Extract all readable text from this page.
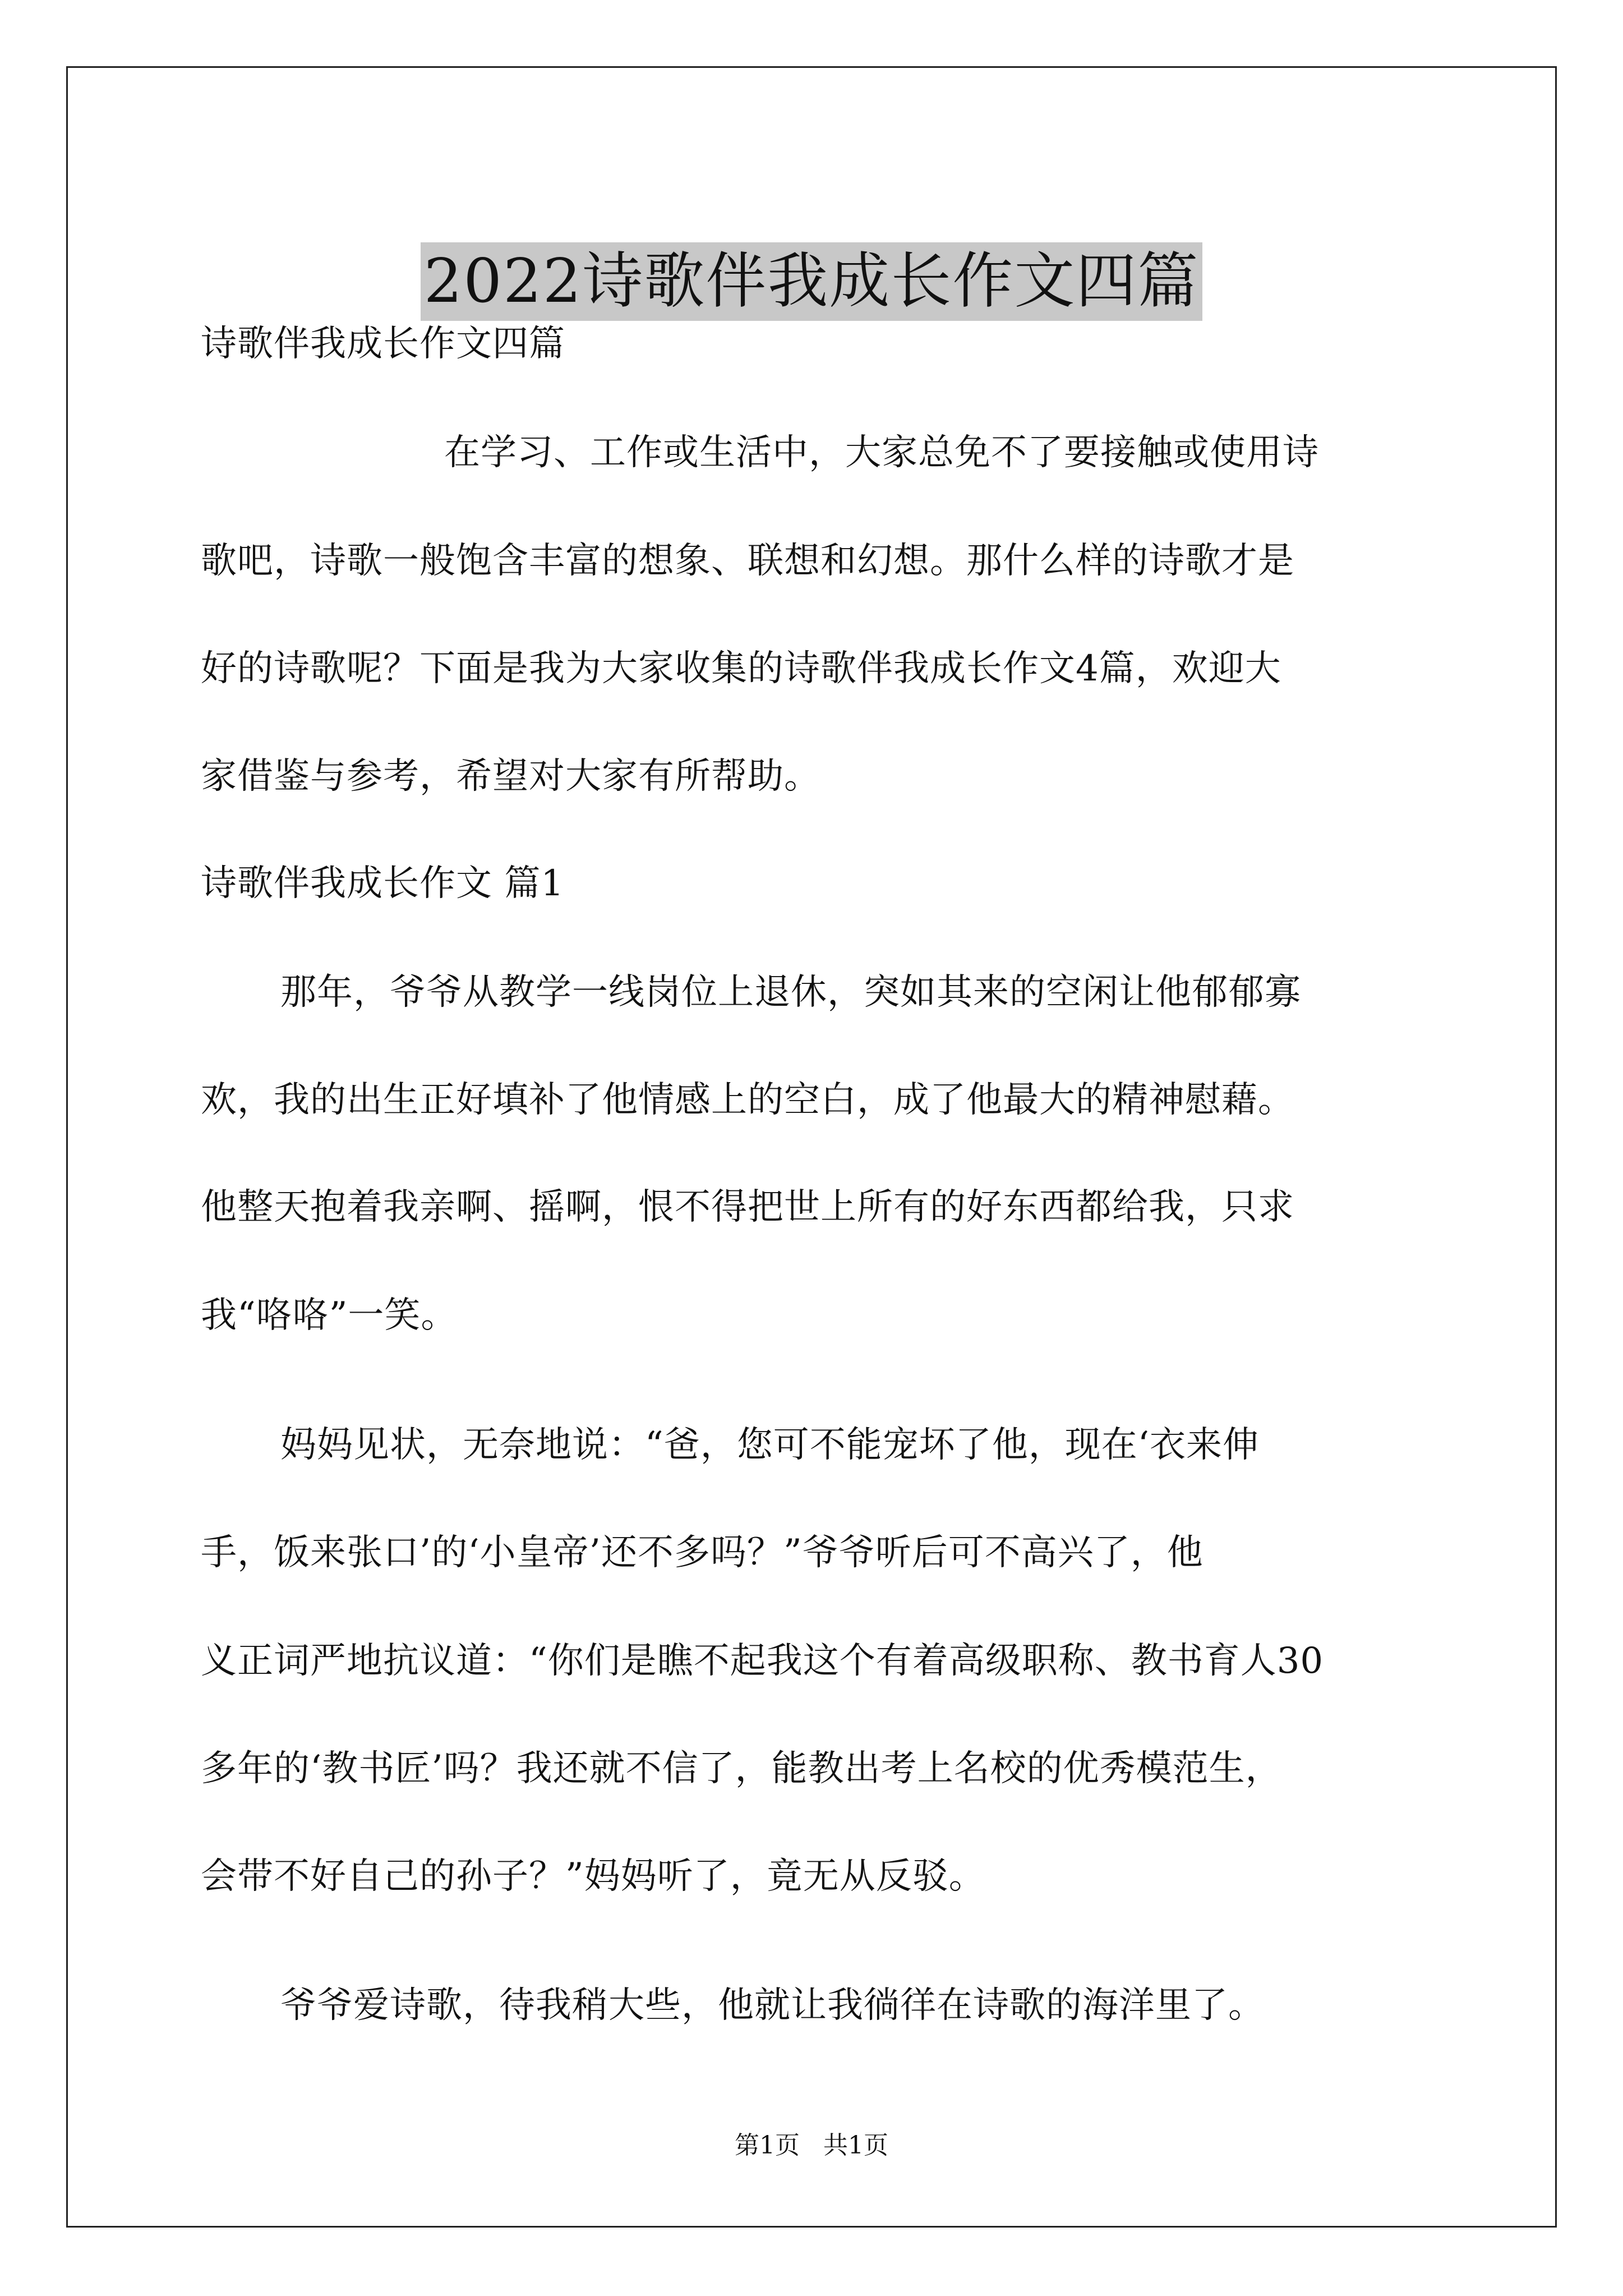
2022诗歌伴我成长作文四篇
诗歌伴我成长作文四篇
在学习、工作或生活中，大家总免不了要接触或使用诗
歌吧，诗歌一般饱含丰富的想象、联想和幻想。那什么样的诗歌才是
好的诗歌呢？下面是我为大家收集的诗歌伴我成长作文4篇，欢迎大
家借鉴与参考，希望对大家有所帮助。
诗歌伴我成长作文 篇1
那年，爷爷从教学一线岗位上退休，突如其来的空闲让他郁郁寡
欢，我的出生正好填补了他情感上的空白，成了他最大的精神慰藉。
他整天抱着我亲啊、摇啊，恨不得把世上所有的好东西都给我，只求
我“咯咯”一笑。
妈妈见状，无奈地说：“爸，您可不能宠坏了他，现在‘衣来伸
手，饭来张口’的‘小皇帝’还不多吗？”爷爷听后可不高兴了，他
义正词严地抗议道：“你们是瞧不起我这个有着高级职称、教书育人30
多年的‘教书匠’吗？我还就不信了，能教出考上名校的优秀模范生，
会带不好自己的孙子？”妈妈听了，竟无从反驳。
爷爷爱诗歌，待我稍大些，他就让我徜徉在诗歌的海洋里了。
第1页   共1页
